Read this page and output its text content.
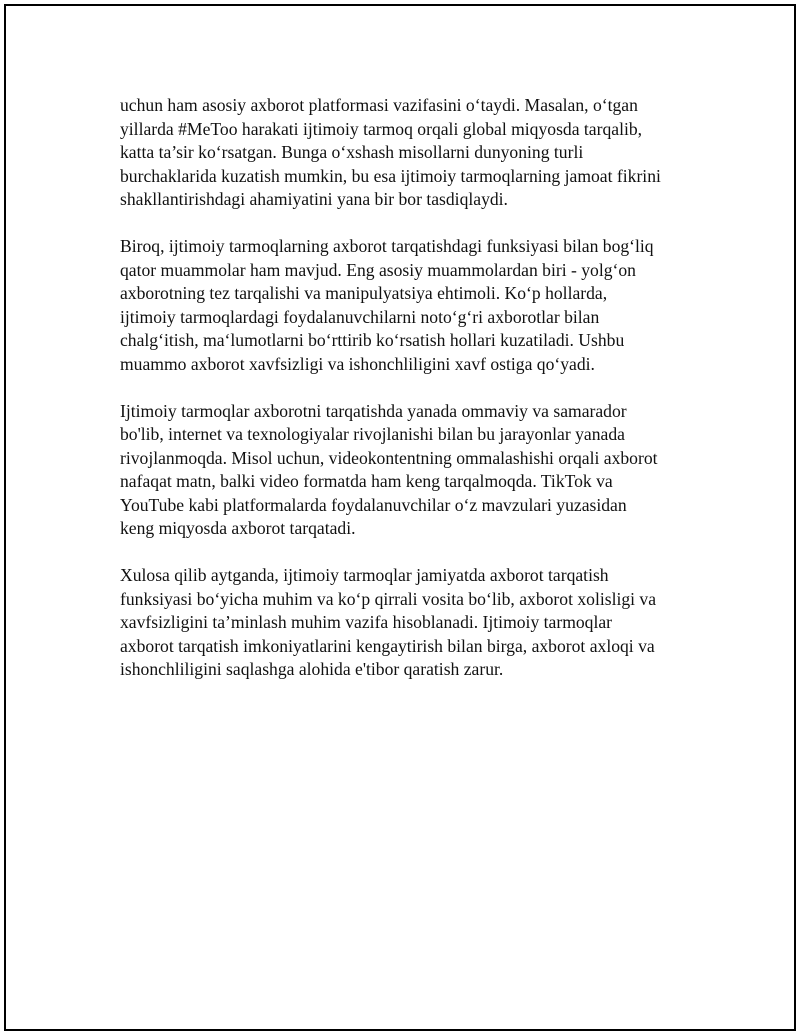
uchun ham asosiy axborot platformasi vazifasini o‘taydi. Masalan, o‘tgan
yillarda #MeToo harakati ijtimoiy tarmoq orqali global miqyosda tarqalib,
katta ta’sir ko‘rsatgan. Bunga o‘xshash misollarni dunyoning turli
burchaklarida kuzatish mumkin, bu esa ijtimoiy tarmoqlarning jamoat fikrini
shakllantirishdagi ahamiyatini yana bir bor tasdiqlaydi.

Biroq, ijtimoiy tarmoqlarning axborot tarqatishdagi funksiyasi bilan bog‘liq
qator muammolar ham mavjud. Eng asosiy muammolardan biri - yolg‘on
axborotning tez tarqalishi va manipulyatsiya ehtimoli. Ko‘p hollarda,
ijtimoiy tarmoqlardagi foydalanuvchilarni noto‘g‘ri axborotlar bilan
chalg‘itish, ma‘lumotlarni bo‘rttirib ko‘rsatish hollari kuzatiladi. Ushbu
muammo axborot xavfsizligi va ishonchliligini xavf ostiga qo‘yadi.

Ijtimoiy tarmoqlar axborotni tarqatishda yanada ommaviy va samarador
bo'lib, internet va texnologiyalar rivojlanishi bilan bu jarayonlar yanada
rivojlanmoqda. Misol uchun, videokontentning ommalashishi orqali axborot
nafaqat matn, balki video formatda ham keng tarqalmoqda. TikTok va
YouTube kabi platformalarda foydalanuvchilar o‘z mavzulari yuzasidan
keng miqyosda axborot tarqatadi.

Xulosa qilib aytganda, ijtimoiy tarmoqlar jamiyatda axborot tarqatish
funksiyasi bo‘yicha muhim va ko‘p qirrali vosita bo‘lib, axborot xolisligi va
xavfsizligini ta’minlash muhim vazifa hisoblanadi. Ijtimoiy tarmoqlar
axborot tarqatish imkoniyatlarini kengaytirish bilan birga, axborot axloqi va
ishonchliligini saqlashga alohida e'tibor qaratish zarur.
